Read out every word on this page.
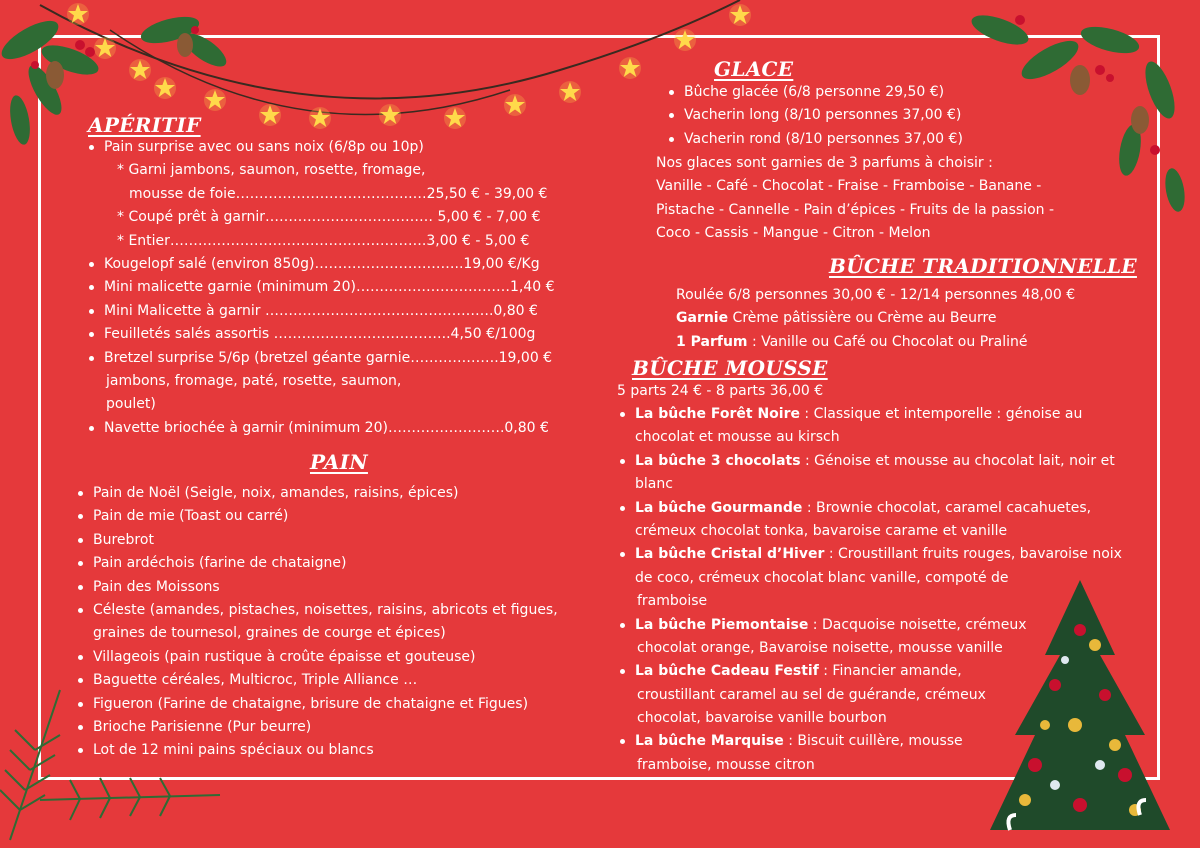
APÉRITIF
Pain surprise avec ou sans noix (6/8p ou 10p)
* Garni jambons, saumon, rosette, fromage,
mousse de foie………………………………..…25,50 € - 39,00 €
* Coupé prêt à garnir……………………………… 5,00 € - 7,00 €
* Entier……………………………………………….3,00 € - 5,00 €
Kougelopf salé (environ 850g)…………………………..19,00 €/Kg
Mini malicette garnie (minimum 20)……………………………1,40 €
Mini Malicette à garnir ………………………………………….0,80 €
Feuilletés salés assortis ………………………………..4,50 €/100g
Bretzel surprise 5/6p (bretzel géante garnie……………….19,00 €
jambons, fromage, paté, rosette, saumon,
poulet)
Navette briochée à garnir (minimum 20)…………………….0,80 €
PAIN
Pain de Noël (Seigle, noix, amandes, raisins, épices)
Pain de mie (Toast ou carré)
Burebrot
Pain ardéchois (farine de chataigne)
Pain des Moissons
Céleste (amandes, pistaches, noisettes, raisins, abricots et figues,
graines de tournesol, graines de courge et épices)
Villageois (pain rustique à croûte épaisse et gouteuse)
Baguette céréales, Multicroc, Triple Alliance …
Figueron (Farine de chataigne, brisure de chataigne et Figues)
Brioche Parisienne (Pur beurre)
Lot de 12 mini pains spéciaux ou blancs
GLACE
Bûche glacée (6/8 personne 29,50 €)
Vacherin long (8/10 personnes 37,00 €)
Vacherin rond (8/10 personnes 37,00 €)
Nos glaces sont garnies de 3 parfums à choisir :
Vanille - Café - Chocolat - Fraise - Framboise - Banane -
Pistache - Cannelle - Pain d’épices - Fruits de la passion -
Coco - Cassis - Mangue - Citron - Melon
BÛCHE TRADITIONNELLE
Roulée 6/8 personnes 30,00 € - 12/14 personnes 48,00 €
Garnie Crème pâtissière ou Crème au Beurre
1 Parfum : Vanille ou Café ou Chocolat ou Praliné
BÛCHE MOUSSE
5 parts 24 € - 8 parts 36,00 €
La bûche Forêt Noire : Classique et intemporelle : génoise au
chocolat et mousse au kirsch
La bûche 3 chocolats : Génoise et mousse au chocolat lait, noir et
blanc
La bûche Gourmande : Brownie chocolat, caramel cacahuetes,
crémeux chocolat tonka, bavaroise carame et vanille
La bûche Cristal d’Hiver : Croustillant fruits rouges, bavaroise noix
de coco, crémeux chocolat blanc vanille, compoté de
framboise
La bûche Piemontaise : Dacquoise noisette, crémeux
chocolat orange, Bavaroise noisette, mousse vanille
La bûche Cadeau Festif : Financier amande,
croustillant caramel au sel de guérande, crémeux
chocolat, bavaroise vanille bourbon
La bûche Marquise : Biscuit cuillère, mousse
framboise, mousse citron
